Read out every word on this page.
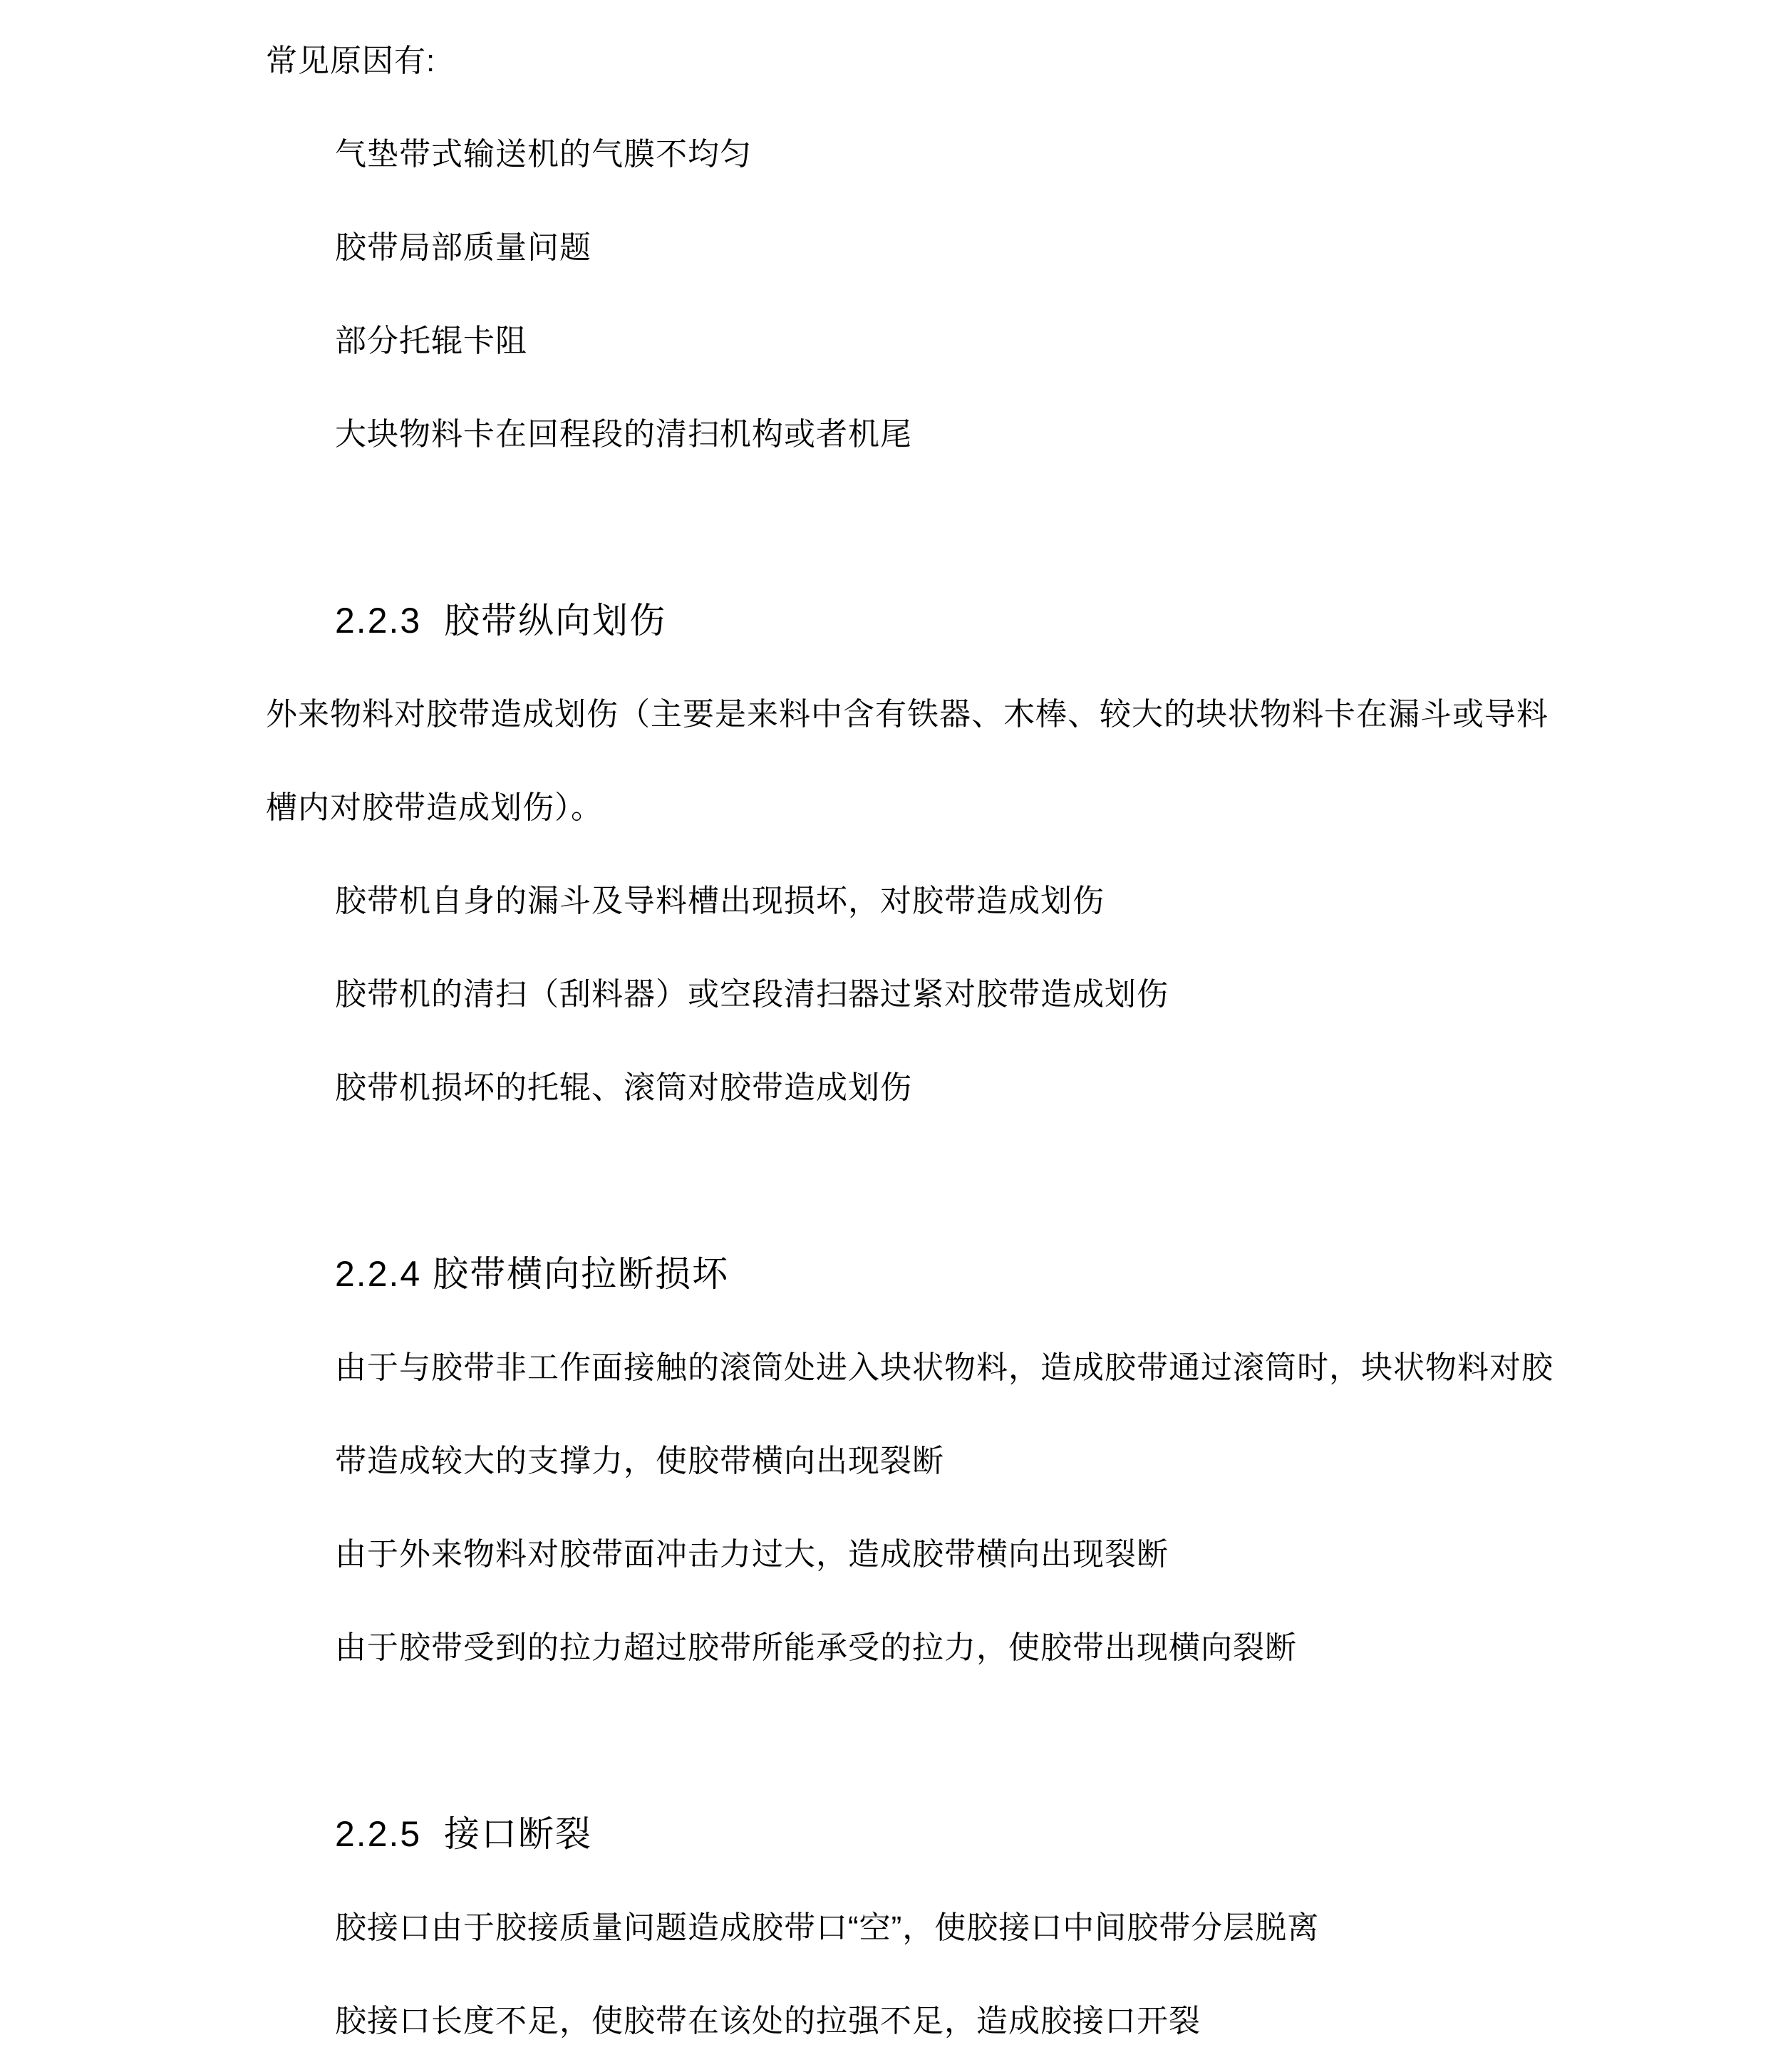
常见原因有:

气垫带式输送机的气膜不均匀

胶带局部质量问题

部分托辊卡阻

大块物料卡在回程段的清扫机构或者机尾

2.2.3  胶带纵向划伤

外来物料对胶带造成划伤（主要是来料中含有铁器、木棒、较大的块状物料卡在漏斗或导料

槽内对胶带造成划伤）。

胶带机自身的漏斗及导料槽出现损坏，对胶带造成划伤

胶带机的清扫（刮料器）或空段清扫器过紧对胶带造成划伤

胶带机损坏的托辊、滚筒对胶带造成划伤

2.2.4 胶带横向拉断损坏

由于与胶带非工作面接触的滚筒处进入块状物料，造成胶带通过滚筒时，块状物料对胶

带造成较大的支撑力，使胶带横向出现裂断

由于外来物料对胶带面冲击力过大，造成胶带横向出现裂断

由于胶带受到的拉力超过胶带所能承受的拉力，使胶带出现横向裂断

2.2.5  接口断裂

胶接口由于胶接质量问题造成胶带口“空”，使胶接口中间胶带分层脱离

胶接口长度不足，使胶带在该处的拉强不足，造成胶接口开裂
